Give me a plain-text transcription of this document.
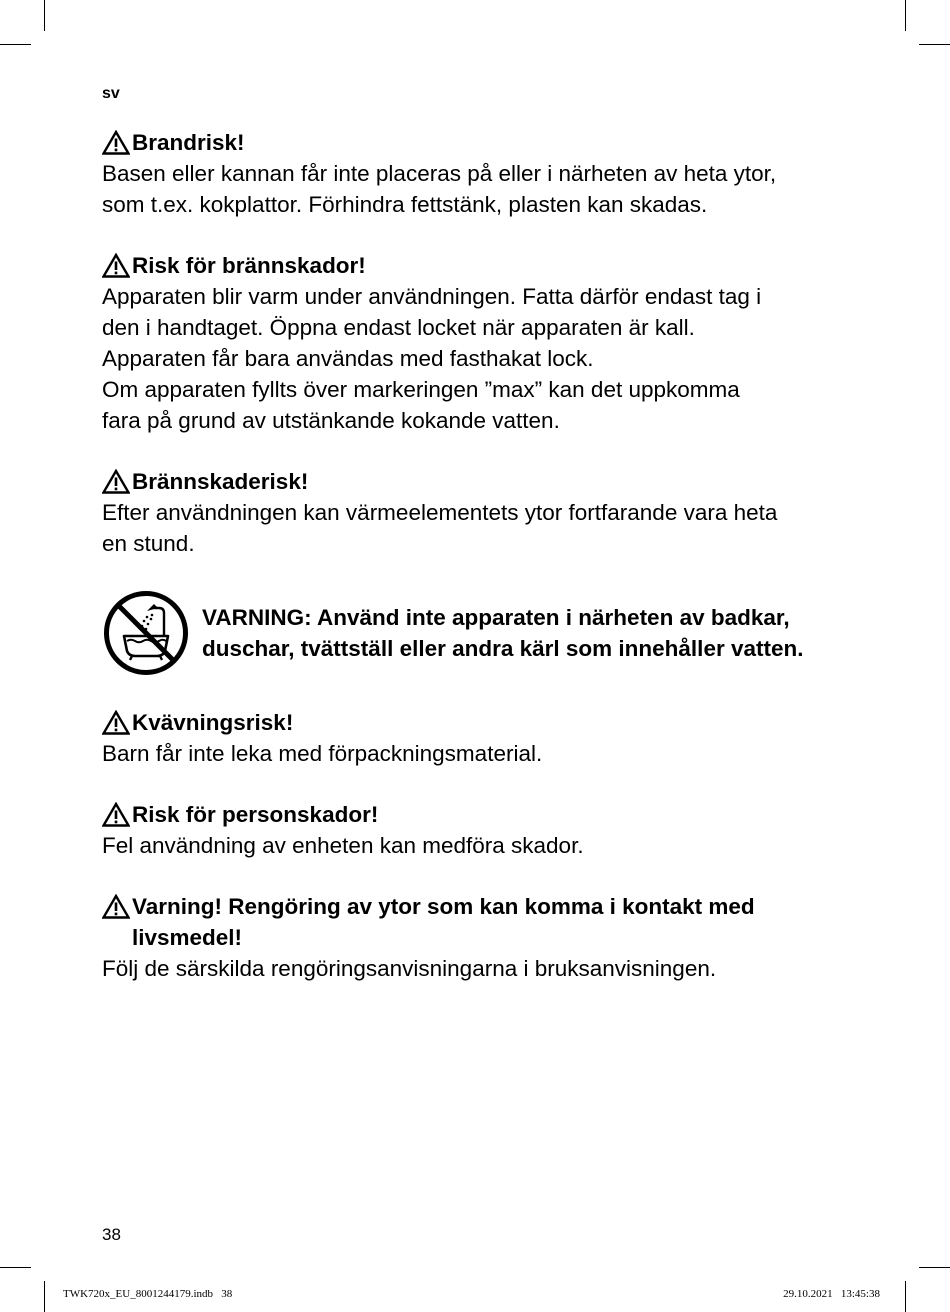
sv
Brandrisk!

Basen eller kannan får inte placeras på eller i närheten av heta ytor,

som t.ex. kokplattor. Förhindra fettstänk, plasten kan skadas.

Risk för brännskador!

Apparaten blir varm under användningen. Fatta därför endast tag i

den i handtaget. Öppna endast locket när apparaten är kall.

Apparaten får bara användas med fasthakat lock.

Om apparaten fyllts över markeringen ”max” kan det uppkomma

fara på grund av utstänkande kokande vatten.

Brännskaderisk!

Efter användningen kan värmeelementets ytor fortfarande vara heta

en stund.

VARNING: Använd inte apparaten i närheten av badkar,
duschar, tvättställ eller andra kärl som innehåller vatten.
Kvävningsrisk!

Barn får inte leka med förpackningsmaterial.

Risk för personskador!

Fel användning av enheten kan medföra skador.

Varning! Rengöring av ytor som kan komma i kontakt med
livsmedel!

Följ de särskilda rengöringsanvisningarna i bruksanvisningen.

38
TWK720x_EU_8001244179.indb   38	29.10.2021   13:45:38
